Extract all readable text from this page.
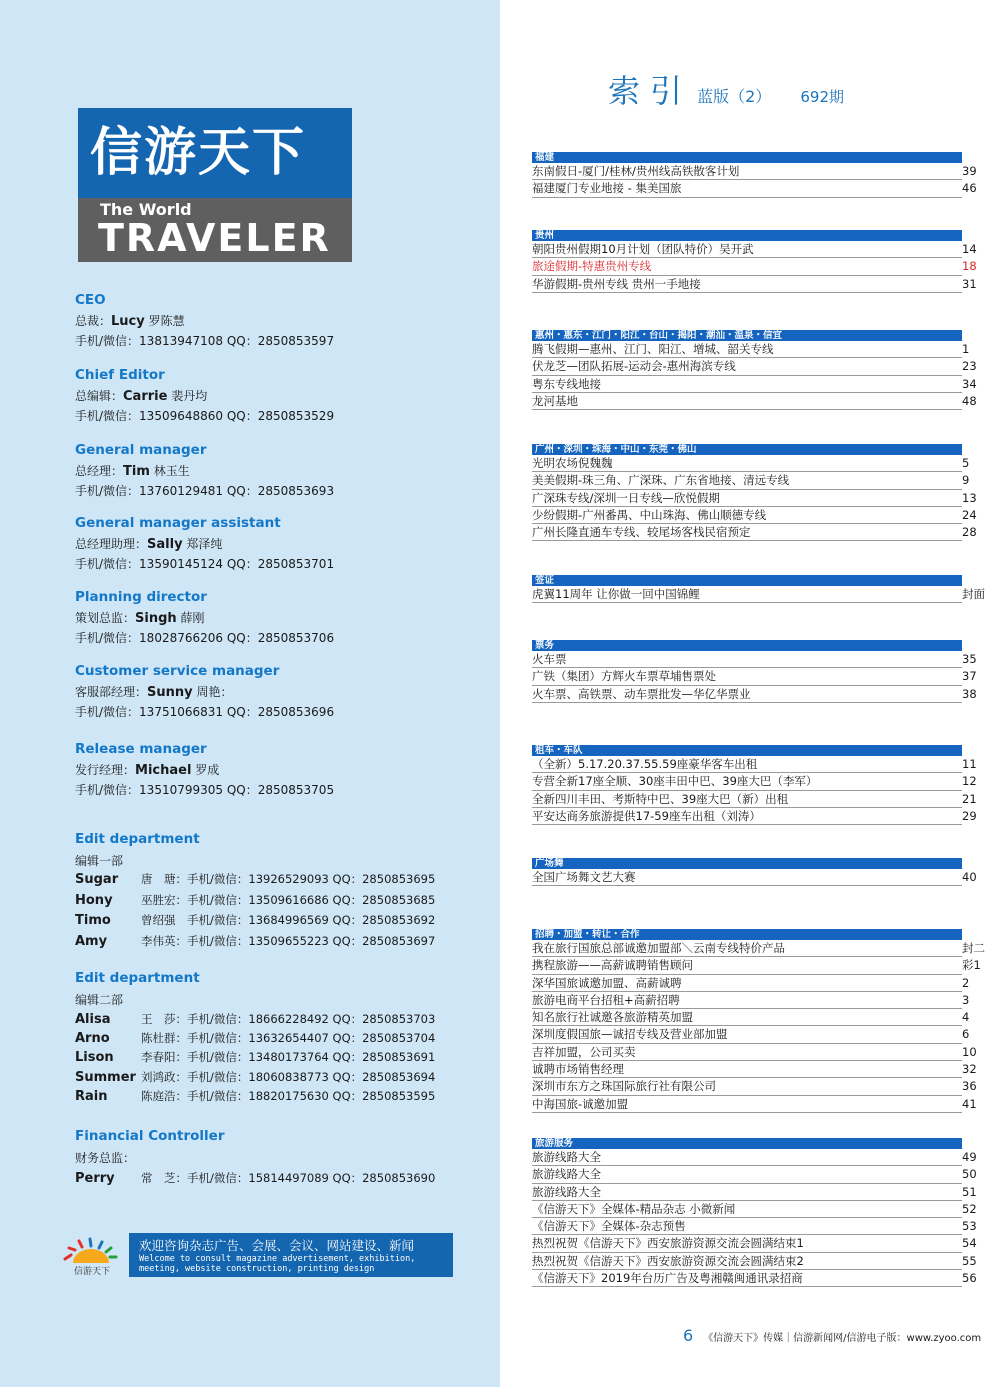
信游天下
The World
TRAVELER
CEO
总裁：Lucy 罗陈慧
手机/微信：13813947108 QQ：2850853597
Chief Editor
总编辑：Carrie 裴丹均
手机/微信：13509648860 QQ：2850853529
General manager
总经理：Tim 林玉生
手机/微信：13760129481 QQ：2850853693
General manager assistant
总经理助理：Sally 郑泽纯
手机/微信：13590145124 QQ：2850853701
Planning director
策划总监：Singh 薛刚
手机/微信：18028766206 QQ：2850853706
Customer service manager
客服部经理：Sunny 周艳：
手机/微信：13751066831 QQ：2850853696
Release manager
发行经理：Michael 罗成
手机/微信：13510799305 QQ：2850853705
Edit department
编辑一部
Sugar 唐　瑭：手机/微信：13926529093 QQ：2850853695
Hony 巫胜宏：手机/微信：13509616686 QQ：2850853685
Timo	曾绍强　手机/微信：13684996569 QQ：2850853692
Amy	李伟英：手机/微信：13509655223 QQ：2850853697
Edit department
编辑二部
Alisa	王　莎：手机/微信：18666228492 QQ：2850853703
Arno	陈杜群：手机/微信：13632654407 QQ：2850853704
Lison 李春阳：手机/微信：13480173764 QQ：2850853691
Summer 刘鸿政：手机/微信：18060838773 QQ：2850853694
Rain	陈庭浩：手机/微信：18820175630 QQ：2850853595
Financial Controller
财务总监：
Perry 常　芝：手机/微信：15814497089 QQ：2850853690
信游天下
欢迎咨询杂志广告、会展、会议、网站建设、新闻
Welcome to consult magazine advertisement, exhibition,
meeting, website construction, printing design
索引 蓝版（2） 692期
福建
东南假日-厦门/桂林/贵州线高铁散客计划	39
福建厦门专业地接 - 集美国旅	46
贵州
朝阳贵州假期10月计划（团队特价）吴开武	14
旅途假期-特惠贵州专线	18
华游假期-贵州专线 贵州一手地接	31
惠州・惠东・江门・阳江・台山・揭阳・潮汕・温泉・信宜
腾飞假期—惠州、江门、阳江、增城、韶关专线	1
伏龙芝—团队拓展-运动会-惠州海滨专线	23
粤东专线地接	34
龙河基地	48
广州・深圳・珠海・中山・东莞・佛山
光明农场倪魏魏	5
美美假期-珠三角、广深珠、广东省地接、清远专线	9
广深珠专线/深圳一日专线—欣悦假期	13
少纷假期-广州番禺、中山珠海、佛山顺德专线	24
广州长隆直通车专线、较尾场客栈民宿预定	28
签证
虎翼11周年 让你做一回中国锦鲤	封面
票务
火车票	35
广铁（集团）方辉火车票草埔售票处	37
火车票、高铁票、动车票批发—华亿华票业	38
租车・车队
（全新）5.17.20.37.55.59座豪华客车出租	11
专营全新17座全顺、30座丰田中巴、39座大巴（李军）	12
全新四川丰田、考斯特中巴、39座大巴（新）出租	21
平安达商务旅游提供17-59座车出租（刘涛）	29
广场舞
全国广场舞文艺大赛	40
招聘・加盟・转让・合作
我在旅行国旅总部诚邀加盟部＼云南专线特价产品	封二
携程旅游——高薪诚聘销售顾问	彩1
深华国旅诚邀加盟、高薪诚聘	2
旅游电商平台招租+高薪招聘	3
知名旅行社诚邀各旅游精英加盟	4
深圳度假国旅—诚招专线及营业部加盟	6
吉祥加盟，公司买卖	10
诚聘市场销售经理	32
深圳市东方之珠国际旅行社有限公司	36
中海国旅-诚邀加盟	41
旅游服务
旅游线路大全	49
旅游线路大全	50
旅游线路大全	51
《信游天下》全媒体-精品杂志 小微新闻	52
《信游天下》全媒体-杂志预售	53
热烈祝贺《信游天下》西安旅游资源交流会圆满结束1	54
热烈祝贺《信游天下》西安旅游资源交流会圆满结束2	55
《信游天下》2019年台历广告及粤湘赣闽通讯录招商	56
6 《信游天下》传媒｜信游新闻网/信游电子版：www.zyoo.com
